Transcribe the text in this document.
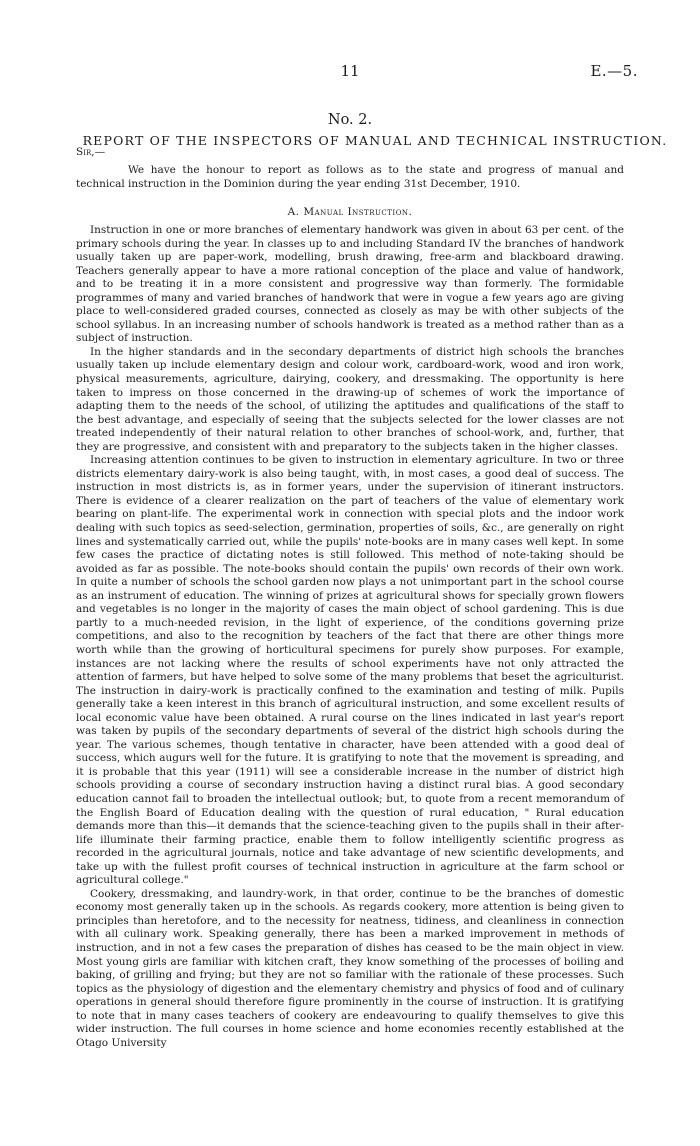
11	E.—5.
No. 2.
REPORT OF THE INSPECTORS OF MANUAL AND TECHNICAL INSTRUCTION.
Sir,—

We have the honour to report as follows as to the state and progress of manual and technical instruction in the Dominion during the year ending 31st December, 1910.

A. Manual Instruction.

Instruction in one or more branches of elementary handwork was given in about 63 per cent. of the primary schools during the year. In classes up to and including Standard IV the branches of handwork usually taken up are paper-work, modelling, brush drawing, free-arm and blackboard drawing. Teachers generally appear to have a more rational conception of the place and value of handwork, and to be treating it in a more consistent and progressive way than formerly. The formidable programmes of many and varied branches of handwork that were in vogue a few years ago are giving place to well-considered graded courses, connected as closely as may be with other subjects of the school syllabus. In an increasing number of schools handwork is treated as a method rather than as a subject of instruction.

In the higher standards and in the secondary departments of district high schools the branches usually taken up include elementary design and colour work, cardboard-work, wood and iron work, physical measurements, agriculture, dairying, cookery, and dressmaking. The opportunity is here taken to impress on those concerned in the drawing-up of schemes of work the importance of adapting them to the needs of the school, of utilizing the aptitudes and qualifications of the staff to the best advantage, and especially of seeing that the subjects selected for the lower classes are not treated independently of their natural relation to other branches of school-work, and, further, that they are progressive, and consistent with and preparatory to the subjects taken in the higher classes.

Increasing attention continues to be given to instruction in elementary agriculture. In two or three districts elementary dairy-work is also being taught, with, in most cases, a good deal of success. The instruction in most districts is, as in former years, under the supervision of itinerant instructors. There is evidence of a clearer realization on the part of teachers of the value of elementary work bearing on plant-life. The experimental work in connection with special plots and the indoor work dealing with such topics as seed-selection, germination, properties of soils, &c., are generally on right lines and systematically carried out, while the pupils' note-books are in many cases well kept. In some few cases the practice of dictating notes is still followed. This method of note-taking should be avoided as far as possible. The note-books should contain the pupils' own records of their own work. In quite a number of schools the school garden now plays a not unimportant part in the school course as an instrument of education. The winning of prizes at agricultural shows for specially grown flowers and vegetables is no longer in the majority of cases the main object of school gardening. This is due partly to a much-needed revision, in the light of experience, of the conditions governing prize competitions, and also to the recognition by teachers of the fact that there are other things more worth while than the growing of horticultural specimens for purely show purposes. For example, instances are not lacking where the results of school experiments have not only attracted the attention of farmers, but have helped to solve some of the many problems that beset the agriculturist. The instruction in dairy-work is practically confined to the examination and testing of milk. Pupils generally take a keen interest in this branch of agricultural instruction, and some excellent results of local economic value have been obtained. A rural course on the lines indicated in last year's report was taken by pupils of the secondary departments of several of the district high schools during the year. The various schemes, though tentative in character, have been attended with a good deal of success, which augurs well for the future. It is gratifying to note that the movement is spreading, and it is probable that this year (1911) will see a considerable increase in the number of district high schools providing a course of secondary instruction having a distinct rural bias. A good secondary education cannot fail to broaden the intellectual outlook; but, to quote from a recent memorandum of the English Board of Education dealing with the question of rural education, " Rural education demands more than this—it demands that the science-teaching given to the pupils shall in their after-life illuminate their farming practice, enable them to follow intelligently scientific progress as recorded in the agricultural journals, notice and take advantage of new scientific developments, and take up with the fullest profit courses of technical instruction in agriculture at the farm school or agricultural college."

Cookery, dressmaking, and laundry-work, in that order, continue to be the branches of domestic economy most generally taken up in the schools. As regards cookery, more attention is being given to principles than heretofore, and to the necessity for neatness, tidiness, and cleanliness in connection with all culinary work. Speaking generally, there has been a marked improvement in methods of instruction, and in not a few cases the preparation of dishes has ceased to be the main object in view. Most young girls are familiar with kitchen craft, they know something of the processes of boiling and baking, of grilling and frying; but they are not so familiar with the rationale of these processes. Such topics as the physiology of digestion and the elementary chemistry and physics of food and of culinary operations in general should therefore figure prominently in the course of instruction. It is gratifying to note that in many cases teachers of cookery are endeavouring to qualify themselves to give this wider instruction. The full courses in home science and home economies recently established at the Otago University
